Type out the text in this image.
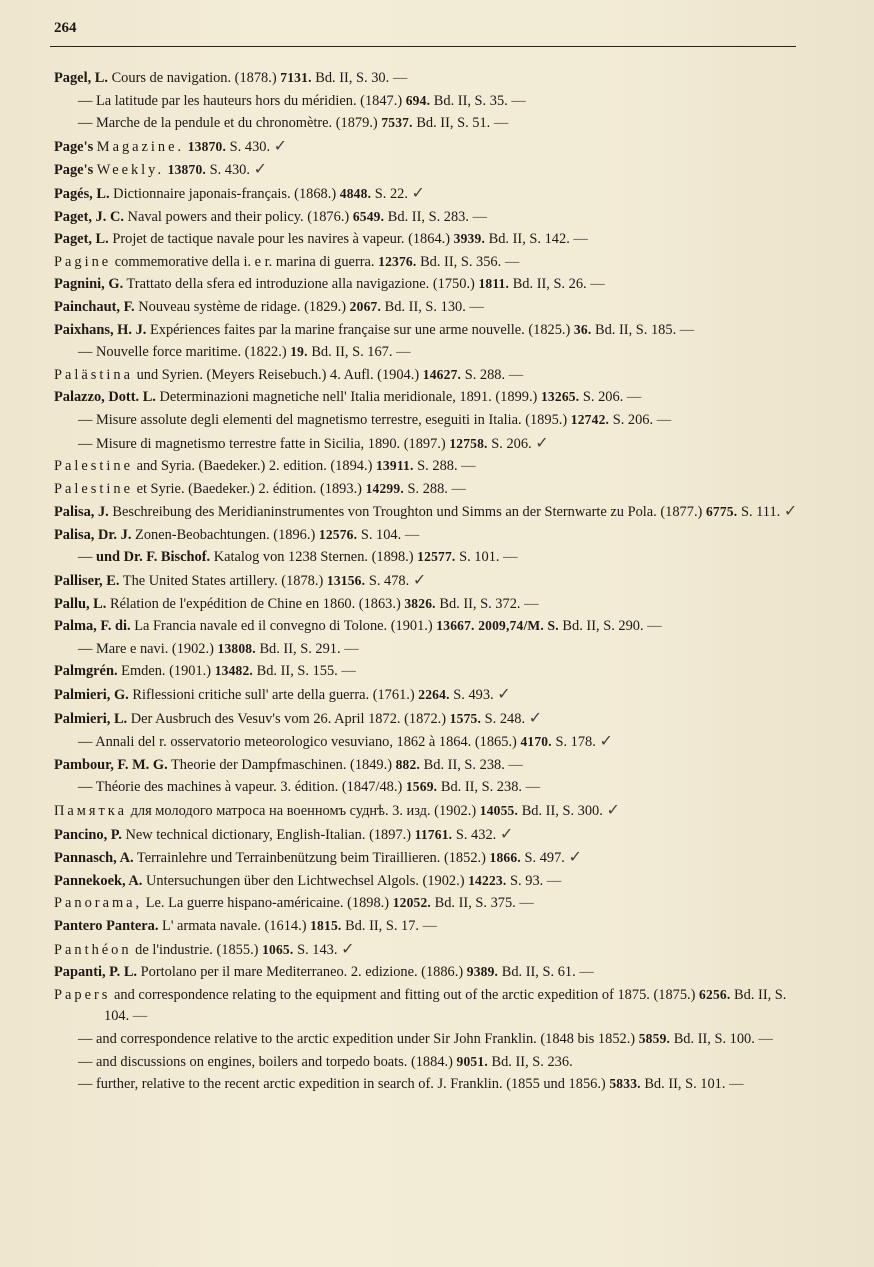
264

Pagel, L. Cours de navigation. (1878.) 7131. Bd. II, S. 30. —

— La latitude par les hauteurs hors du méridien. (1847.) 694. Bd. II, S. 35. —

— Marche de la pendule et du chronomètre. (1879.) 7537. Bd. II, S. 51. —

Page's Magazine. 13870. S. 430. ✓

Page's Weekly. 13870. S. 430. ✓

Pagés, L. Dictionnaire japonais-français. (1868.) 4848. S. 22. ✓

Paget, J. C. Naval powers and their policy. (1876.) 6549. Bd. II, S. 283. —

Paget, L. Projet de tactique navale pour les navires à vapeur. (1864.) 3939. Bd. II, S. 142. —

Pagine commemorative della i. e r. marina di guerra. 12376. Bd. II, S. 356. —

Pagnini, G. Trattato della sfera ed introduzione alla navigazione. (1750.) 1811. Bd. II, S. 26. —

Painchaut, F. Nouveau système de ridage. (1829.) 2067. Bd. II, S. 130. —

Paixhans, H. J. Expériences faites par la marine française sur une arme nouvelle. (1825.) 36. Bd. II, S. 185. —

— Nouvelle force maritime. (1822.) 19. Bd. II, S. 167. —

Palästina und Syrien. (Meyers Reisebuch.) 4. Aufl. (1904.) 14627. S. 288. —

Palazzo, Dott. L. Determinazioni magnetiche nell' Italia meridionale, 1891. (1899.) 13265. S. 206. —

— Misure assolute degli elementi del magnetismo terrestre, eseguiti in Italia. (1895.) 12742. S. 206. —

— Misure di magnetismo terrestre fatte in Sicilia, 1890. (1897.) 12758. S. 206. ✓

Palestine and Syria. (Baedeker.) 2. edition. (1894.) 13911. S. 288. —

Palestine et Syrie. (Baedeker.) 2. édition. (1893.) 14299. S. 288. —

Palisa, J. Beschreibung des Meridianinstrumentes von Troughton und Simms an der Sternwarte zu Pola. (1877.) 6775. S. 111. ✓

Palisa, Dr. J. Zonen-Beobachtungen. (1896.) 12576. S. 104. —

— und Dr. F. Bischof. Katalog von 1238 Sternen. (1898.) 12577. S. 101. —

Palliser, E. The United States artillery. (1878.) 13156. S. 478. ✓

Pallu, L. Rélation de l'expédition de Chine en 1860. (1863.) 3826. Bd. II, S. 372. —

Palma, F. di. La Francia navale ed il convegno di Tolone. (1901.) 13667. 2009,74/M. S. Bd. II, S. 290. —

— Mare e navi. (1902.) 13808. Bd. II, S. 291. —

Palmgrén. Emden. (1901.) 13482. Bd. II, S. 155. —

Palmieri, G. Riflessioni critiche sull' arte della guerra. (1761.) 2264. S. 493. ✓

Palmieri, L. Der Ausbruch des Vesuv's vom 26. April 1872. (1872.) 1575. S. 248. ✓

— Annali del r. osservatorio meteorologico vesuviano, 1862 à 1864. (1865.) 4170. S. 178. ✓

Pambour, F. M. G. Theorie der Dampfmaschinen. (1849.) 882. Bd. II, S. 238. —

— Théorie des machines à vapeur. 3. édition. (1847/48.) 1569. Bd. II, S. 238. —

Памятка для молодого матроса на военномъ суднѣ. 3. изд. (1902.) 14055. Bd. II, S. 300. ✓

Pancino, P. New technical dictionary, English-Italian. (1897.) 11761. S. 432. ✓

Pannasch, A. Terrainlehre und Terrainbenützung beim Tiraillieren. (1852.) 1866. S. 497. ✓

Pannekoek, A. Untersuchungen über den Lichtwechsel Algols. (1902.) 14223. S. 93. —

Panorama, Le. La guerre hispano-américaine. (1898.) 12052. Bd. II, S. 375. —

Pantero Pantera. L' armata navale. (1614.) 1815. Bd. II, S. 17. —

Panthéon de l'industrie. (1855.) 1065. S. 143. ✓

Papanti, P. L. Portolano per il mare Mediterraneo. 2. edizione. (1886.) 9389. Bd. II, S. 61. —

Papers and correspondence relating to the equipment and fitting out of the arctic expedition of 1875. (1875.) 6256. Bd. II, S. 104. —

— and correspondence relative to the arctic expedition under Sir John Franklin. (1848 bis 1852.) 5859. Bd. II, S. 100. —

— and discussions on engines, boilers and torpedo boats. (1884.) 9051. Bd. II, S. 236.

— further, relative to the recent arctic expedition in search of. J. Franklin. (1855 und 1856.) 5833. Bd. II, S. 101. —
